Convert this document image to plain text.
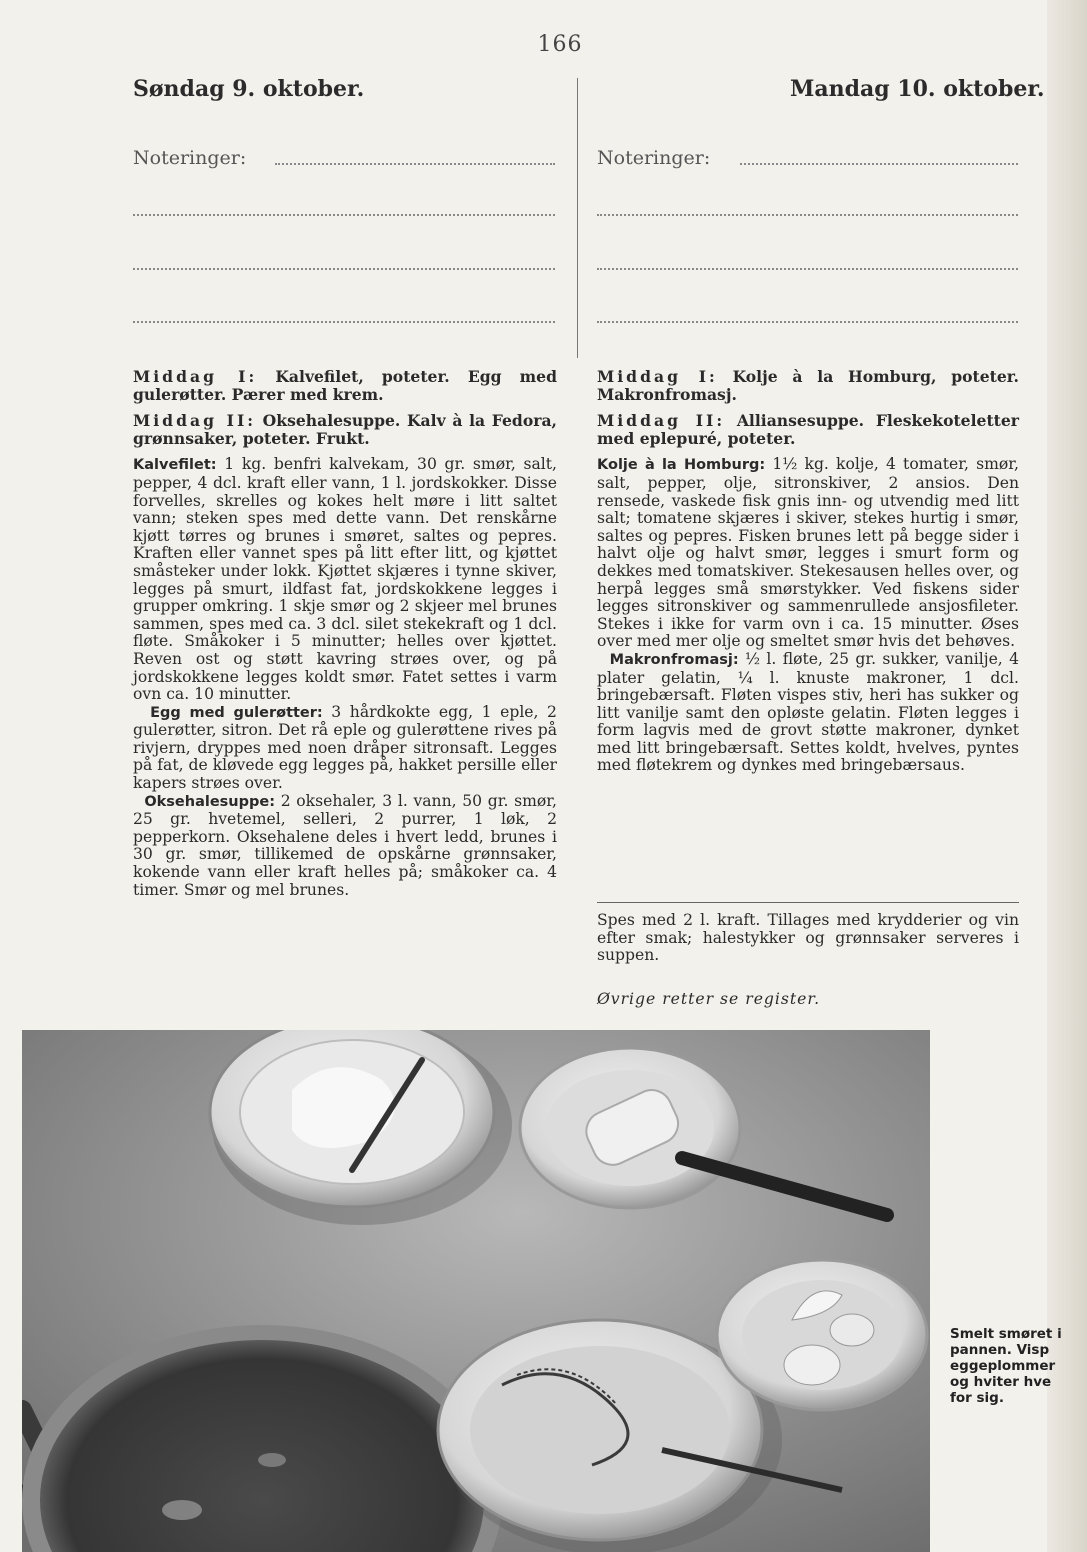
166
Søndag 9. oktober.	Mandag 10. oktober.
Noteringer:	Noteringer:

Middag I: Kalvefilet, poteter. Egg med gulerøtter. Pærer med krem.

Middag II: Oksehalesuppe. Kalv à la Fedora, grønnsaker, poteter. Frukt.

Kalvefilet: 1 kg. benfri kalvekam, 30 gr. smør, salt, pepper, 4 dcl. kraft eller vann, 1 l. jordskokker. Disse forvelles, skrelles og kokes helt møre i litt saltet vann; steken spes med dette vann. Det renskårne kjøtt tørres og brunes i smøret, saltes og pepres. Kraften eller vannet spes på litt efter litt, og kjøttet småsteker under lokk. Kjøttet skjæres i tynne skiver, legges på smurt, ildfast fat, jordskokkene legges i grupper omkring. 1 skje smør og 2 skjeer mel brunes sammen, spes med ca. 3 dcl. silet stekekraft og 1 dcl. fløte. Småkoker i 5 minutter; helles over kjøttet. Reven ost og støtt kavring strøes over, og på jordskokkene legges koldt smør. Fatet settes i varm ovn ca. 10 minutter.

Egg med gulerøtter: 3 hårdkokte egg, 1 eple, 2 gulerøtter, sitron. Det rå eple og gulerøttene rives på rivjern, dryppes med noen dråper sitronsaft. Legges på fat, de kløvede egg legges på, hakket persille eller kapers strøes over.

Oksehalesuppe: 2 oksehaler, 3 l. vann, 50 gr. smør, 25 gr. hvetemel, selleri, 2 purrer, 1 løk, 2 pepperkorn. Oksehalene deles i hvert ledd, brunes i 30 gr. smør, tillikemed de opskårne grønnsaker, kokende vann eller kraft helles på; småkoker ca. 4 timer. Smør og mel brunes.

Middag I: Kolje à la Homburg, poteter. Makronfromasj.

Middag II: Alliansesuppe. Fleskekoteletter med eplepuré, poteter.

Kolje à la Homburg: 1½ kg. kolje, 4 tomater, smør, salt, pepper, olje, sitronskiver, 2 ansios. Den rensede, vaskede fisk gnis inn- og utvendig med litt salt; tomatene skjæres i skiver, stekes hurtig i smør, saltes og pepres. Fisken brunes lett på begge sider i halvt olje og halvt smør, legges i smurt form og dekkes med tomatskiver. Stekesausen helles over, og herpå legges små smørstykker. Ved fiskens sider legges sitronskiver og sammenrullede ansjosfileter. Stekes i ikke for varm ovn i ca. 15 minutter. Øses over med mer olje og smeltet smør hvis det behøves.

Makronfromasj: ½ l. fløte, 25 gr. sukker, vanilje, 4 plater gelatin, ¼ l. knuste makroner, 1 dcl. bringebærsaft. Fløten vispes stiv, heri has sukker og litt vanilje samt den opløste gelatin. Fløten legges i form lagvis med de grovt støtte makroner, dynket med litt bringebærsaft. Settes koldt, hvelves, pyntes med fløtekrem og dynkes med bringebærsaus.

Spes med 2 l. kraft. Tillages med krydderier og vin efter smak; halestykker og grønnsaker serveres i suppen.
Øvrige retter se register.
Smelt smøret i
pannen. Visp
eggeplommer
og hviter hve
for sig.
